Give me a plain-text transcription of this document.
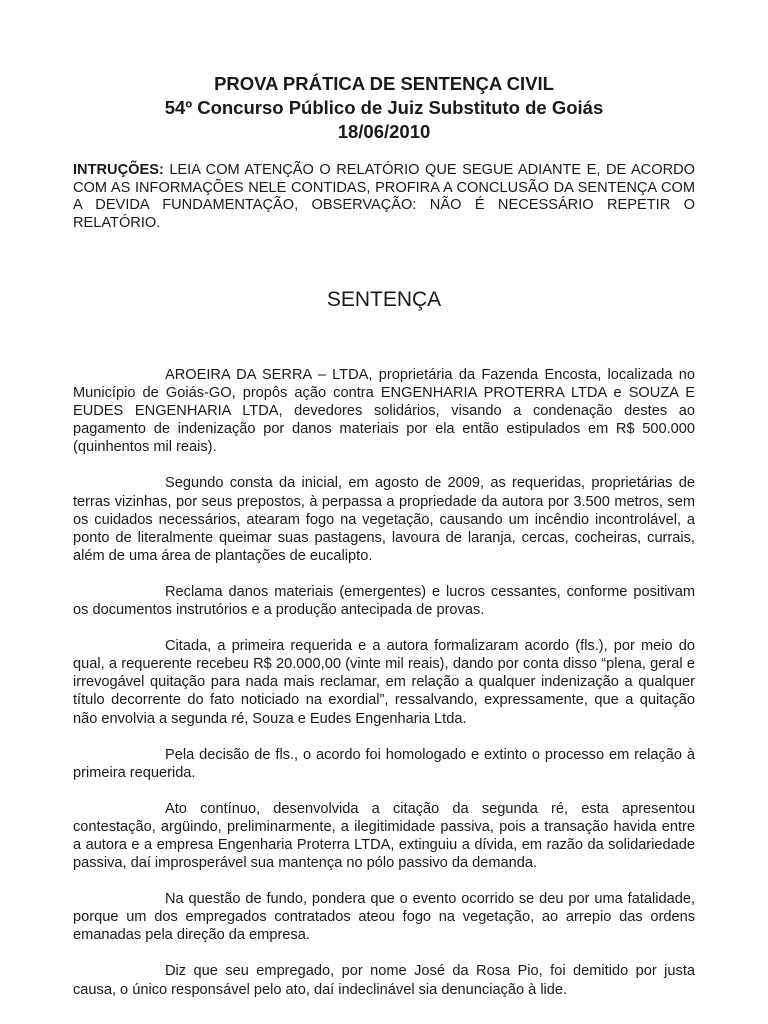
PROVA PRÁTICA DE SENTENÇA CIVIL
54º Concurso Público de Juiz Substituto de Goiás
18/06/2010
INTRUÇÕES: LEIA COM ATENÇÃO O RELATÓRIO QUE SEGUE ADIANTE E, DE ACORDO COM AS INFORMAÇÕES NELE CONTIDAS, PROFIRA A CONCLUSÃO DA SENTENÇA COM A DEVIDA FUNDAMENTAÇÃO, OBSERVAÇÃO: NÃO É NECESSÁRIO REPETIR O RELATÓRIO.
SENTENÇA

AROEIRA DA SERRA – LTDA, proprietária da Fazenda Encosta, localizada no Município de Goiás-GO, propôs ação contra ENGENHARIA PROTERRA LTDA e SOUZA E EUDES ENGENHARIA LTDA, devedores solidários, visando a condenação destes ao pagamento de indenização por danos materiais por ela então estipulados em R$ 500.000 (quinhentos mil reais).

Segundo consta da inicial, em agosto de 2009, as requeridas, proprietárias de terras vizinhas, por seus prepostos, à perpassa a propriedade da autora por 3.500 metros, sem os cuidados necessários, atearam fogo na vegetação, causando um incêndio incontrolável, a ponto de literalmente queimar suas pastagens, lavoura de laranja, cercas, cocheiras, currais, além de uma área de plantações de eucalipto.

Reclama danos materiais (emergentes) e lucros cessantes, conforme positivam os documentos instrutórios e a produção antecipada de provas.

Citada, a primeira requerida e a autora formalizaram acordo (fls.), por meio do qual, a requerente recebeu R$ 20.000,00 (vinte mil reais), dando por conta disso “plena, geral e irrevogável quitação para nada mais reclamar, em relação a qualquer indenização a qualquer título decorrente do fato noticiado na exordial”, ressalvando, expressamente, que a quitação não envolvia a segunda ré, Souza e Eudes Engenharia Ltda.

Pela decisão de fls., o acordo foi homologado e extinto o processo em relação à primeira requerida.

Ato contínuo, desenvolvida a citação da segunda ré, esta apresentou contestação, argüindo, preliminarmente, a ilegitimidade passiva, pois a transação havida entre a autora e a empresa Engenharia Proterra LTDA, extinguiu a dívida, em razão da solidariedade passiva, daí improsperável sua mantença no pólo passivo da demanda.

Na questão de fundo, pondera que o evento ocorrido se deu por uma fatalidade, porque um dos empregados contratados ateou fogo na vegetação, ao arrepio das ordens emanadas pela direção da empresa.

Diz que seu empregado, por nome José da Rosa Pio, foi demitido por justa causa, o único responsável pelo ato, daí indeclinável sia denunciação à lide.
